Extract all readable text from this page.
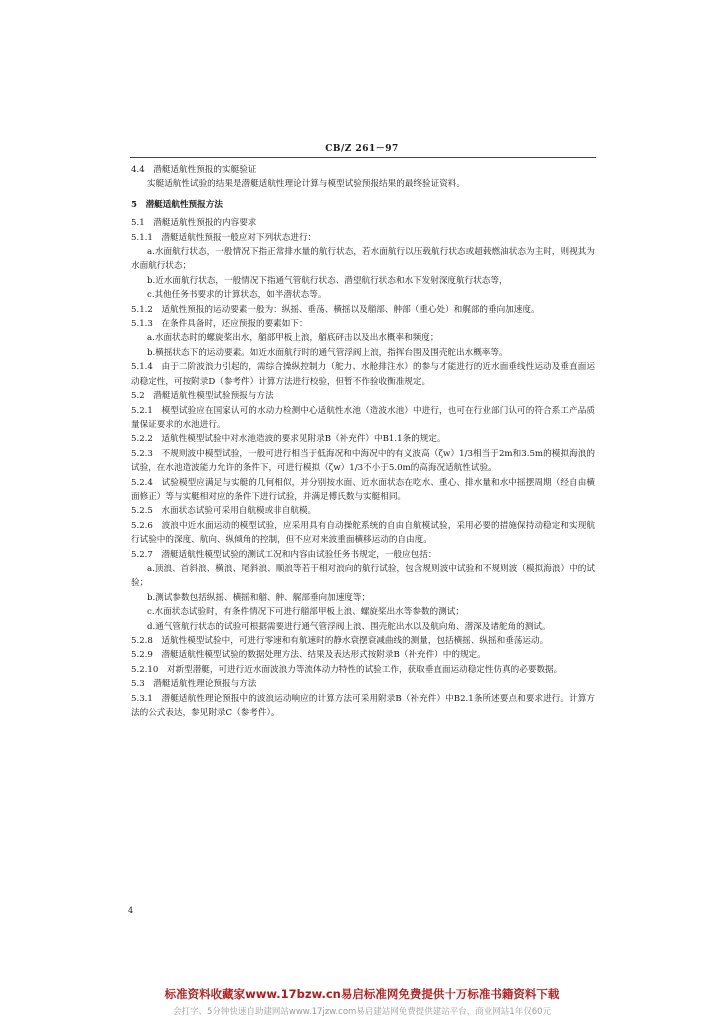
CB/Z 261－97

4.4　潜艇适航性预报的实艇验证

实艇适航性试验的结果是潜艇适航性理论计算与模型试验预报结果的最终验证资料。

5　潜艇适航性预报方法

5.1　潜艇适航性预报的内容要求

5.1.1　潜艇适航性预报一般应对下列状态进行：

a.水面航行状态，一般情况下指正常排水量的航行状态，若水面航行以压载航行状态或超载燃油状态为主时，则视其为水面航行状态；

b.近水面航行状态，一般情况下指通气管航行状态、潜望航行状态和水下发射深度航行状态等，

c.其他任务书要求的计算状态，如半潜状态等。

5.1.2　适航性预报的运动要素一般为：纵摇、垂荡、横摇以及艏部、舯部（重心处）和艉部的垂向加速度。

5.1.3　在条件具备时，还应预报的要素如下：

a.水面状态时的螺旋桨出水，艏部甲板上浪，艏底砰击以及出水概率和频度；

b.横摇状态下的运动要素。如近水面航行时的通气管浮阀上浪，指挥台围及围壳舵出水概率等。

5.1.4　由于二阶波浪力引起的，需综合操纵控制力（舵力、水舱排注水）的参与才能进行的近水面垂线性运动及垂直面运动稳定性，可按附录D（参考件）计算方法进行校验，但暂不作验收衡准规定。

5.2　潜艇适航性模型试验预报与方法

5.2.1　模型试验应在国家认可的水动力检测中心适航性水池（造波水池）中进行，也可在行业部门认可的符合系工产品质量保证要求的水池进行。

5.2.2　适航性模型试验中对水池造波的要求见附录B（补充件）中B1.1条的规定。

5.2.3　不规则波中模型试验，一般可进行相当于低海况和中海况中的有义波高（ζw）1/3相当于2m和3.5m的模拟海浪的试验，在水池造波能力允许的条件下，可进行模拟（ζw）1/3不小于5.0m的高海况适航性试验。

5.2.4　试验模型应满足与实艇的几何相似，并分别按水面、近水面状态在吃水、重心、排水量和水中摇摆周期（经自由横面修正）等与实艇相对应的条件下进行试验，并满足傅氏数与实艇相同。

5.2.5　水面状态试验可采用自航模或非自航模。

5.2.6　波浪中近水面运动的模型试验，应采用具有自动操舵系统的自由自航模试验，采用必要的措施保持动稳定和实现航行试验中的深度、航向、纵倾角的控制，但不应对来波重面横移运动的自由度。

5.2.7　潜艇适航性模型试验的测试工况和内容由试验任务书规定，一般应包括：

a.顶浪、首斜浪、横浪、尾斜浪、顺浪等若干相对浪向的航行试验，包含规则波中试验和不规则波（模拟海浪）中的试验；

b.测试参数包括纵摇、横摇和艏、舯、艉部垂向加速度等；

c.水面状态试验时，有条件情况下可进行艏部甲板上浪、螺旋桨出水等参数的测试；

d.通气管航行状态的试验可根据需要进行通气管浮阀上浪、围壳舵出水以及航向角、潜深及诸舵角的测试。

5.2.8　适航性模型试验中，可进行零速和有航速时的静水衰摆衰减曲线的测量，包括横摇、纵摇和垂荡运动。

5.2.9　潜艇适航性模型试验的数据处理方法、结果及表达形式按附录B（补充件）中的规定。

5.2.10　对新型潜艇，可进行近水面波浪力等流体动力特性的试验工作，获取垂直面运动稳定性仿真的必要数据。

5.3　潜艇适航性理论预报与方法

5.3.1　潜艇适航性理论预报中的波浪运动响应的计算方法可采用附录B（补充件）中B2.1条所述要点和要求进行。计算方法的公式表达，参见附录C（参考件）。

4
标准资料收藏家www.17bzw.cn易启标准网免费提供十万标准书籍资料下载
会打字、5分钟快速自助建网站www.17jzw.com易启建站网免费提供建站平台，商业网站1年仅60元
